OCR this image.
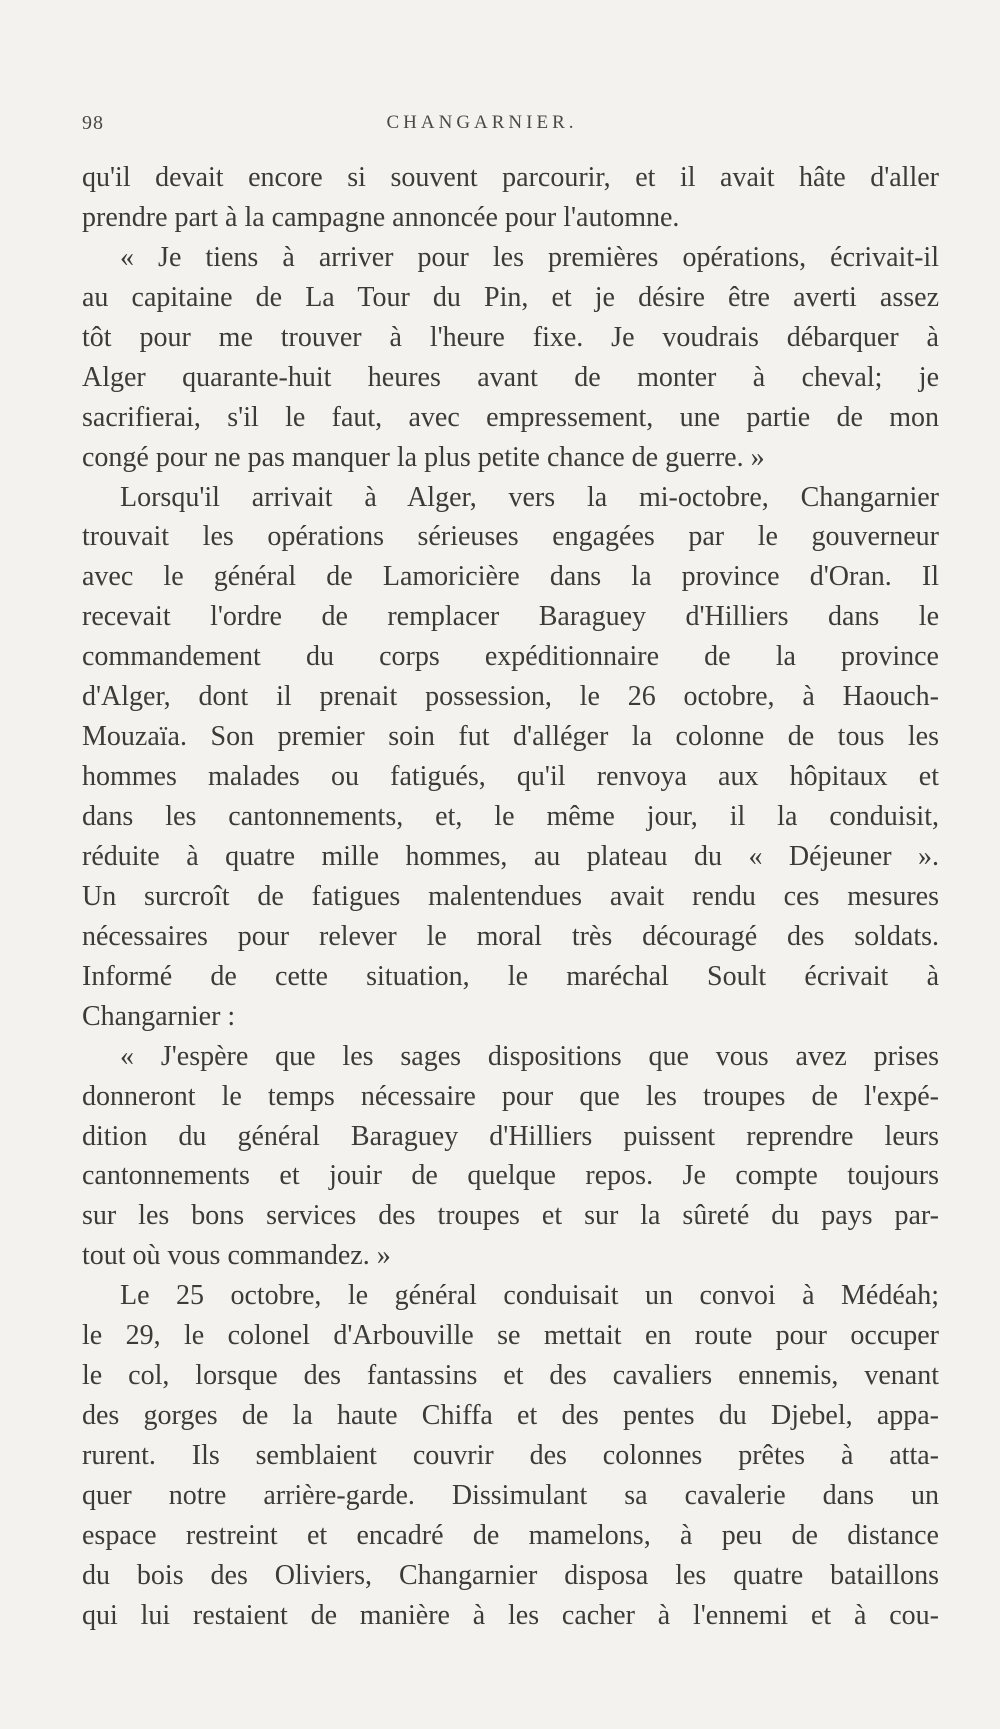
98	CHANGARNIER.
qu'il devait encore si souvent parcourir, et il avait hâte d'aller
prendre part à la campagne annoncée pour l'automne.
« Je tiens à arriver pour les premières opérations, écrivait-il
au capitaine de La Tour du Pin, et je désire être averti assez
tôt pour me trouver à l'heure fixe. Je voudrais débarquer à
Alger quarante-huit heures avant de monter à cheval; je
sacrifierai, s'il le faut, avec empressement, une partie de mon
congé pour ne pas manquer la plus petite chance de guerre. »
Lorsqu'il arrivait à Alger, vers la mi-octobre, Changarnier
trouvait les opérations sérieuses engagées par le gouverneur
avec le général de Lamoricière dans la province d'Oran. Il
recevait l'ordre de remplacer Baraguey d'Hilliers dans le
commandement du corps expéditionnaire de la province
d'Alger, dont il prenait possession, le 26 octobre, à Haouch-
Mouzaïa. Son premier soin fut d'alléger la colonne de tous les
hommes malades ou fatigués, qu'il renvoya aux hôpitaux et
dans les cantonnements, et, le même jour, il la conduisit,
réduite à quatre mille hommes, au plateau du « Déjeuner ».
Un surcroît de fatigues malentendues avait rendu ces mesures
nécessaires pour relever le moral très découragé des soldats.
Informé de cette situation, le maréchal Soult écrivait à
Changarnier :
« J'espère que les sages dispositions que vous avez prises
donneront le temps nécessaire pour que les troupes de l'expé-
dition du général Baraguey d'Hilliers puissent reprendre leurs
cantonnements et jouir de quelque repos. Je compte toujours
sur les bons services des troupes et sur la sûreté du pays par-
tout où vous commandez. »
Le 25 octobre, le général conduisait un convoi à Médéah;
le 29, le colonel d'Arbouville se mettait en route pour occuper
le col, lorsque des fantassins et des cavaliers ennemis, venant
des gorges de la haute Chiffa et des pentes du Djebel, appa-
rurent. Ils semblaient couvrir des colonnes prêtes à atta-
quer notre arrière-garde. Dissimulant sa cavalerie dans un
espace restreint et encadré de mamelons, à peu de distance
du bois des Oliviers, Changarnier disposa les quatre bataillons
qui lui restaient de manière à les cacher à l'ennemi et à cou-
